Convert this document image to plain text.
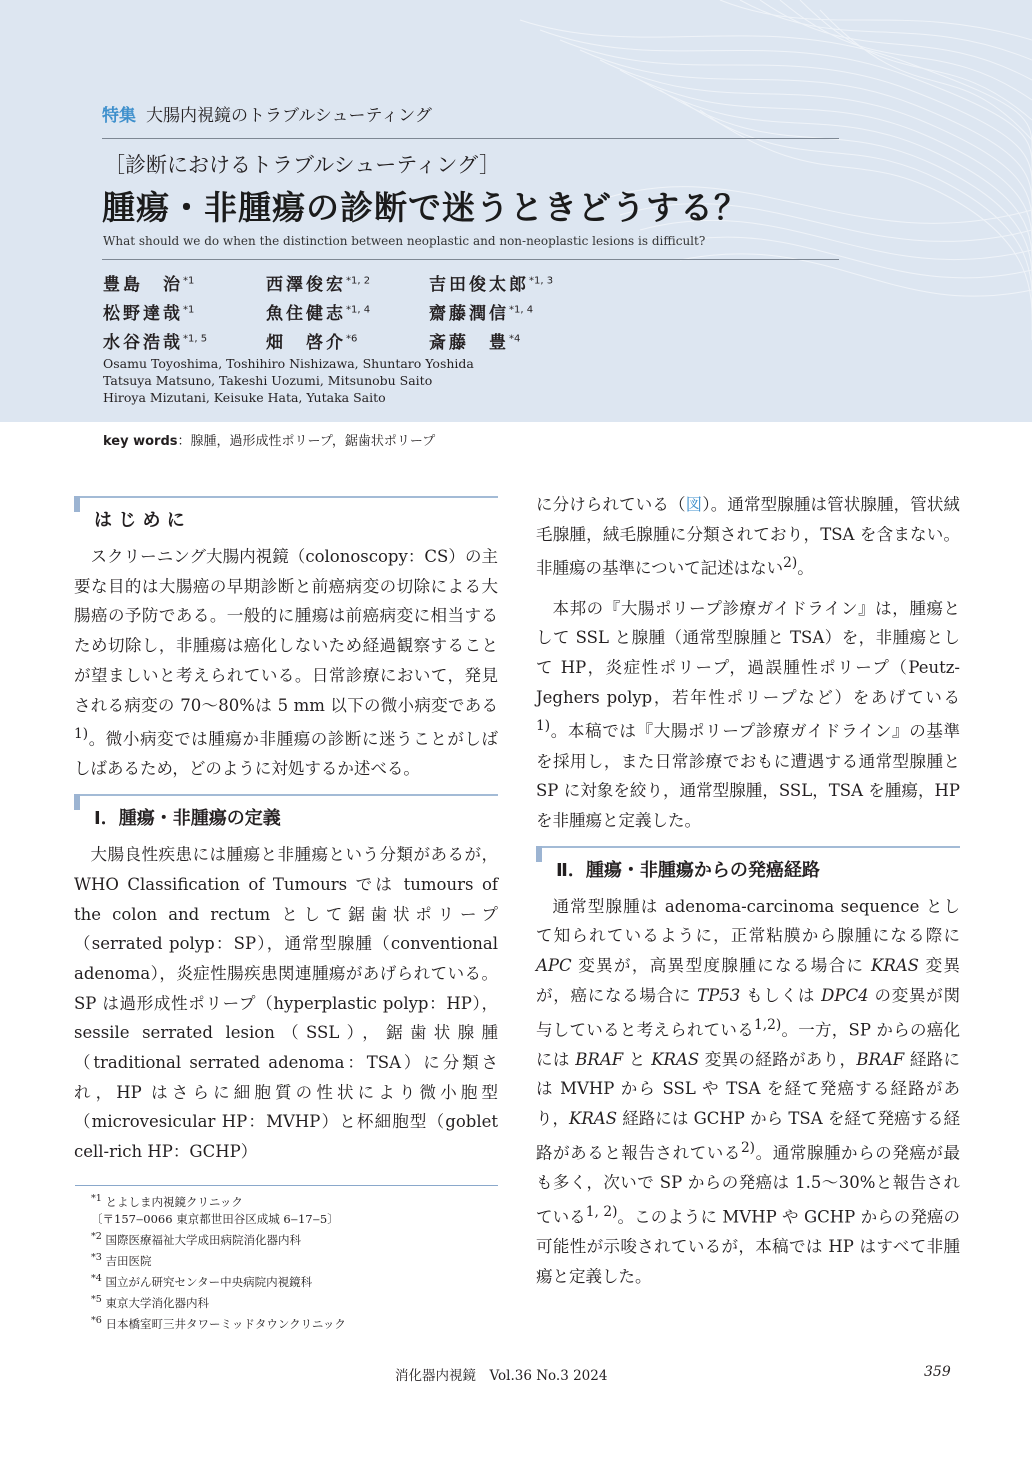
特集 大腸内視鏡のトラブルシューティング
［診断におけるトラブルシューティング］
腫瘍・非腫瘍の診断で迷うときどうする？
What should we do when the distinction between neoplastic and non-neoplastic lesions is difficult?
豊島　治$^{*1}$	西澤俊宏$^{*1, 2}$	吉田俊太郎$^{*1, 3}$
松野達哉$^{*1}$	魚住健志$^{*1, 4}$	齋藤潤信$^{*1, 4}$
水谷浩哉$^{*1, 5}$	畑　啓介$^{*6}$	斎藤　豊$^{*4}$
Osamu Toyoshima, Toshihiro Nishizawa, Shuntaro Yoshida
Tatsuya Matsuno, Takeshi Uozumi, Mitsunobu Saito
Hiroya Mizutani, Keisuke Hata, Yutaka Saito
key words：腺腫，過形成性ポリープ，鋸歯状ポリープ
は じ め に

スクリーニング大腸内視鏡（colonoscopy：CS）の主要な目的は大腸癌の早期診断と前癌病変の切除による大腸癌の予防である。一般的に腫瘍は前癌病変に相当するため切除し，非腫瘍は癌化しないため経過観察することが望ましいと考えられている。日常診療において，発見される病変の 70〜80%は 5 mm 以下の微小病変である$^{1)}$。微小病変では腫瘍か非腫瘍の診断に迷うことがしばしばあるため，どのように対処するか述べる。

Ⅰ．腫瘍・非腫瘍の定義

大腸良性疾患には腫瘍と非腫瘍という分類があるが，WHO Classification of Tumours では tumours of the colon and rectum として鋸歯状ポリープ（serrated polyp：SP），通常型腺腫（conventional adenoma），炎症性腸疾患関連腫瘍があげられている。SP は過形成性ポリープ（hyperplastic polyp：HP），sessile serrated lesion（SSL），鋸歯状腺腫（traditional serrated adenoma：TSA）に分類され，HP はさらに細胞質の性状により微小胞型（microvesicular HP：MVHP）と杯細胞型（goblet cell-rich HP：GCHP）

$^{*1}$ とよしま内視鏡クリニック
〔〒157‒0066 東京都世田谷区成城 6‒17‒5〕
$^{*2}$ 国際医療福祉大学成田病院消化器内科
$^{*3}$ 吉田医院
$^{*4}$ 国立がん研究センター中央病院内視鏡科
$^{*5}$ 東京大学消化器内科
$^{*6}$ 日本橋室町三井タワーミッドタウンクリニック

に分けられている（図）。通常型腺腫は管状腺腫，管状絨毛腺腫，絨毛腺腫に分類されており，TSA を含まない。非腫瘍の基準について記述はない$^{2)}$。

本邦の『大腸ポリープ診療ガイドライン』は，腫瘍として SSL と腺腫（通常型腺腫と TSA）を，非腫瘍として HP，炎症性ポリープ，過誤腫性ポリープ（Peutz-Jeghers polyp，若年性ポリープなど）をあげている$^{1)}$。本稿では『大腸ポリープ診療ガイドライン』の基準を採用し，また日常診療でおもに遭遇する通常型腺腫と SP に対象を絞り，通常型腺腫，SSL，TSA を腫瘍，HP を非腫瘍と定義した。

Ⅱ．腫瘍・非腫瘍からの発癌経路

通常型腺腫は adenoma-carcinoma sequence として知られているように，正常粘膜から腺腫になる際に APC 変異が，高異型度腺腫になる場合に KRAS 変異が，癌になる場合に TP53 もしくは DPC4 の変異が関与していると考えられている$^{1,2)}$。一方，SP からの癌化には BRAF と KRAS 変異の経路があり，BRAF 経路には MVHP から SSL や TSA を経て発癌する経路があり，KRAS 経路には GCHP から TSA を経て発癌する経路があると報告されている$^{2)}$。通常腺腫からの発癌が最も多く，次いで SP からの発癌は 1.5〜30%と報告されている$^{1, 2)}$。このように MVHP や GCHP からの発癌の可能性が示唆されているが，本稿では HP はすべて非腫瘍と定義した。

消化器内視鏡　Vol.36 No.3 2024	359
